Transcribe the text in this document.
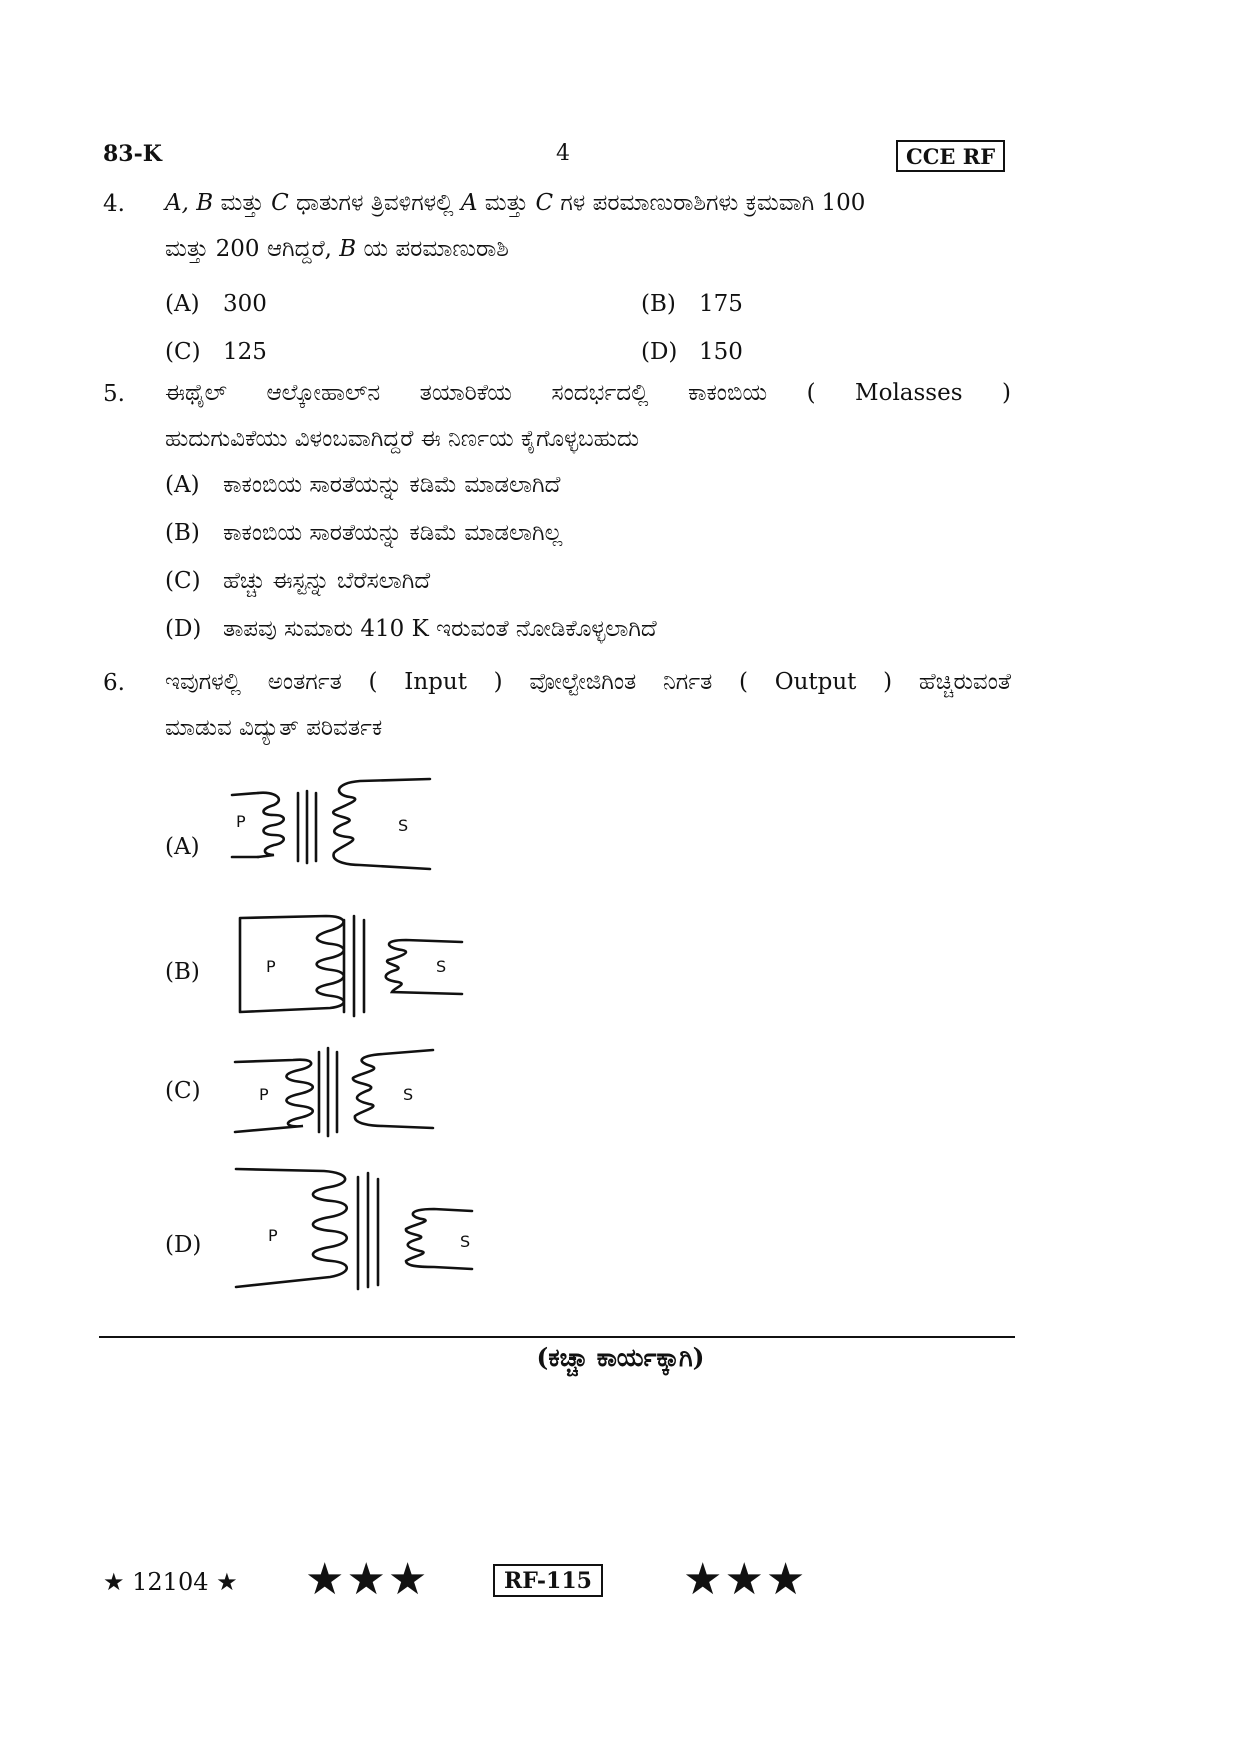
83-K	4	CCE RF
4. A, B ಮತ್ತು C ಧಾತುಗಳ ತ್ರಿವಳಿಗಳಲ್ಲಿ A ಮತ್ತು C ಗಳ ಪರಮಾಣುರಾಶಿಗಳು ಕ್ರಮವಾಗಿ 100
ಮತ್ತು 200 ಆಗಿದ್ದರೆ, B ಯ ಪರಮಾಣುರಾಶಿ
(A) 300	(B) 175
(C) 125	(D) 150
5. ಈಥೈಲ್ ಆಲ್ಕೋಹಾಲ್‌ನ ತಯಾರಿಕೆಯ ಸಂದರ್ಭದಲ್ಲಿ ಕಾಕಂಬಿಯ ( Molasses )
ಹುದುಗುವಿಕೆಯು ವಿಳಂಬವಾಗಿದ್ದರೆ ಈ ನಿರ್ಣಯ ಕೈಗೊಳ್ಳಬಹುದು
(A) ಕಾಕಂಬಿಯ ಸಾರತೆಯನ್ನು ಕಡಿಮೆ ಮಾಡಲಾಗಿದೆ
(B) ಕಾಕಂಬಿಯ ಸಾರತೆಯನ್ನು ಕಡಿಮೆ ಮಾಡಲಾಗಿಲ್ಲ
(C) ಹೆಚ್ಚು ಈಸ್ಟನ್ನು ಬೆರೆಸಲಾಗಿದೆ
(D) ತಾಪವು ಸುಮಾರು 410 K ಇರುವಂತೆ ನೋಡಿಕೊಳ್ಳಲಾಗಿದೆ
6. ಇವುಗಳಲ್ಲಿ ಅಂತರ್ಗತ ( Input ) ವೋಲ್ಟೇಜಿಗಿಂತ ನಿರ್ಗತ ( Output ) ಹೆಚ್ಚಿರುವಂತೆ
ಮಾಡುವ ವಿದ್ಯುತ್ ಪರಿವರ್ತಕ
(A)
P	S
(B)	P	S
(C)	P	S
(D)	P	S
(ಕಚ್ಚಾ ಕಾರ್ಯಕ್ಕಾಗಿ)
★ 12104 ★ ★★★	RF-115 ★★★
